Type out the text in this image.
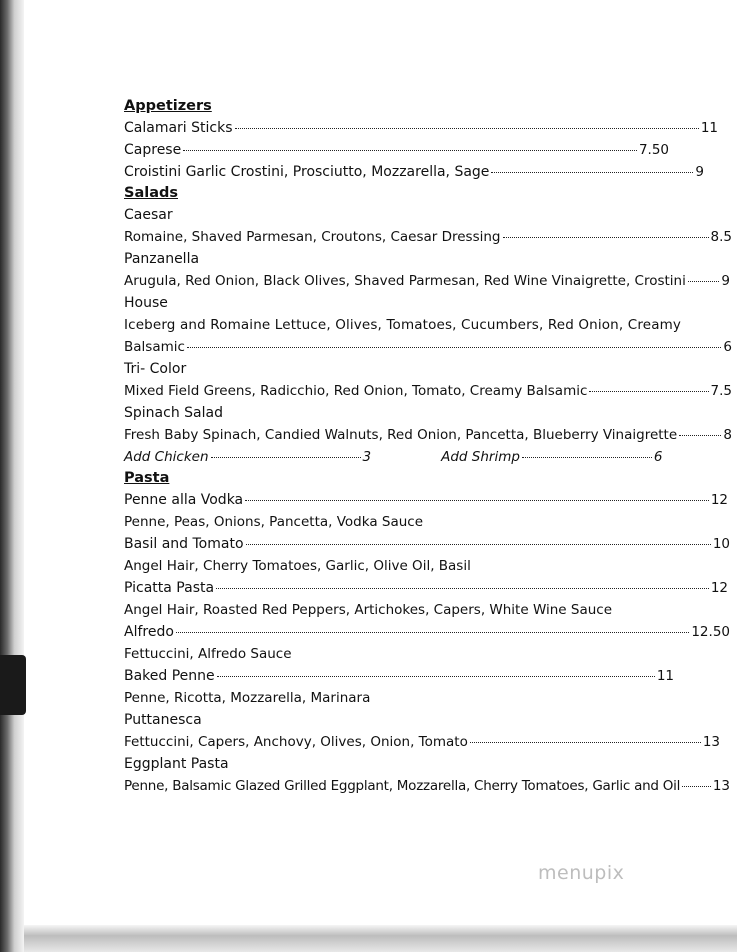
Appetizers
Calamari Sticks	11
Caprese	7.50
Croistini Garlic Crostini, Prosciutto, Mozzarella, Sage	9
Salads
Caesar
Romaine, Shaved Parmesan, Croutons, Caesar Dressing	8.5
Panzanella
Arugula, Red Onion, Black Olives, Shaved Parmesan, Red Wine Vinaigrette, Crostini	9
House
Iceberg and Romaine Lettuce, Olives, Tomatoes, Cucumbers, Red Onion, Creamy
Balsamic	6
Tri- Color
Mixed Field Greens, Radicchio, Red Onion, Tomato, Creamy Balsamic	7.5
Spinach Salad
Fresh Baby Spinach, Candied Walnuts, Red Onion, Pancetta, Blueberry Vinaigrette	8
Add Chicken	3	Add Shrimp	6
Pasta
Penne alla Vodka	12
Penne, Peas, Onions, Pancetta, Vodka Sauce
Basil and Tomato	10
Angel Hair, Cherry Tomatoes, Garlic, Olive Oil, Basil
Picatta Pasta	12
Angel Hair, Roasted Red Peppers, Artichokes, Capers, White Wine Sauce
Alfredo	12.50
Fettuccini, Alfredo Sauce
Baked Penne	11
Penne, Ricotta, Mozzarella, Marinara
Puttanesca
Fettuccini, Capers, Anchovy, Olives, Onion, Tomato	13
Eggplant Pasta
Penne, Balsamic Glazed Grilled Eggplant, Mozzarella, Cherry Tomatoes, Garlic and Oil 13
menupix
